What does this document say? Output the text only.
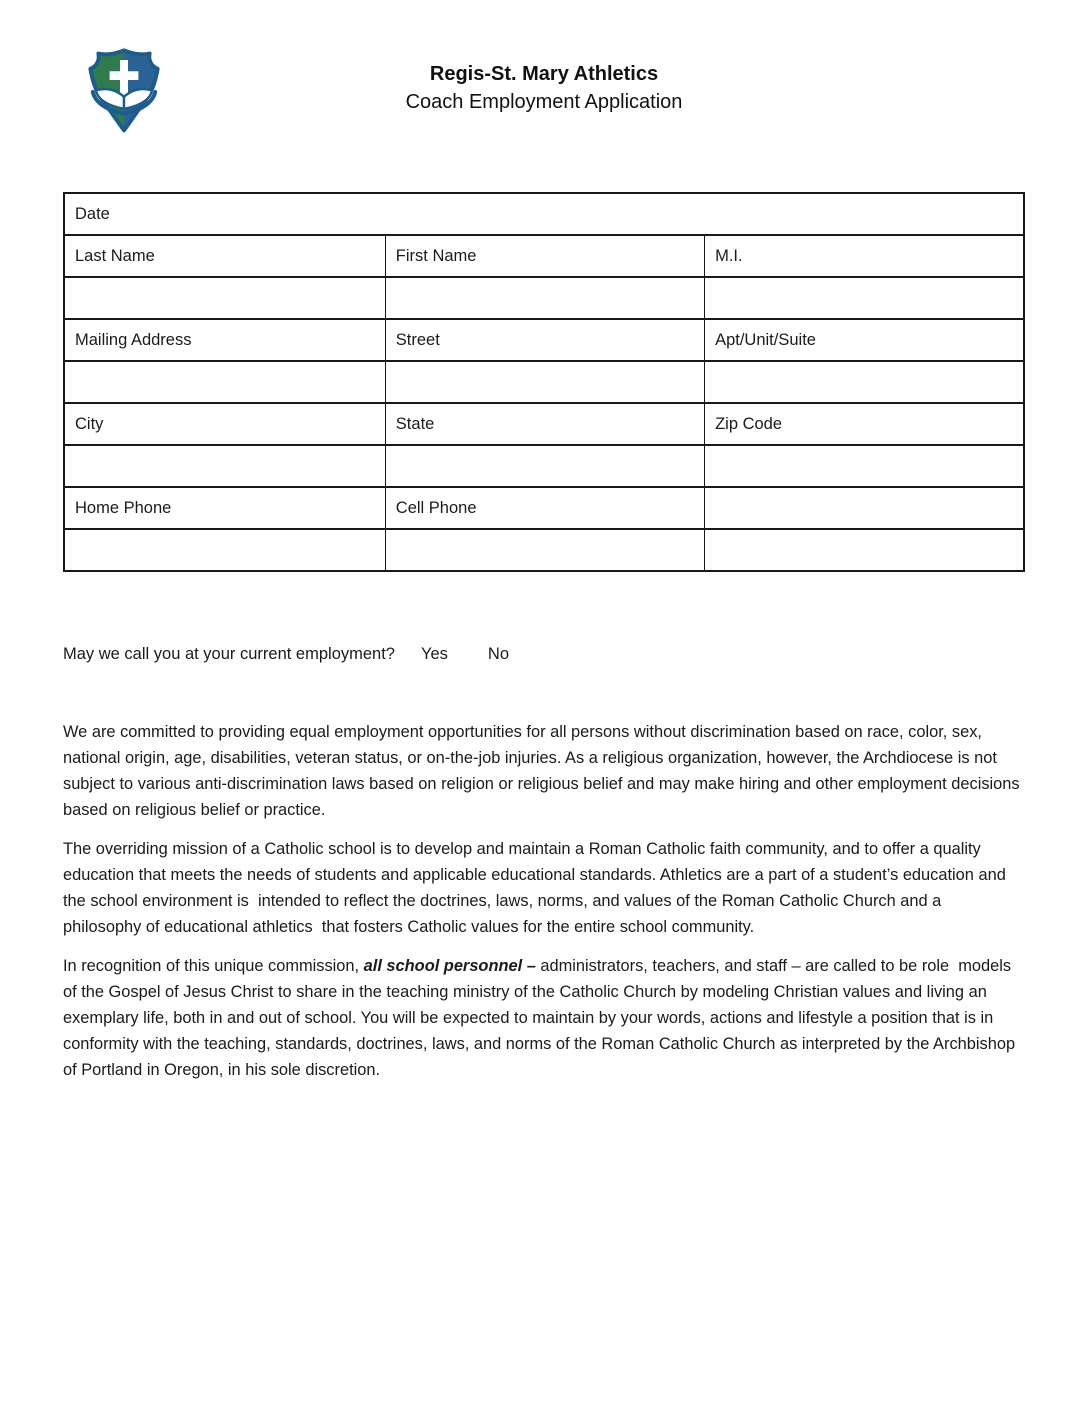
Regis-St. Mary Athletics
Coach Employment Application
Date		
Last Name	First Name	M.I.

Mailing Address	Street	Apt/Unit/Suite

City	State	Zip Code

Home Phone	Cell Phone	

May we call you at your current employment? Yes No

We are committed to providing equal employment opportunities for all persons without discrimination based on race, color, sex, national origin, age, disabilities, veteran status, or on-the-job injuries. As a religious organization, however, the Archdiocese is not subject to various anti-discrimination laws based on religion or religious belief and may make hiring and other employment decisions based on religious belief or practice.

The overriding mission of a Catholic school is to develop and maintain a Roman Catholic faith community, and to offer a quality education that meets the needs of students and applicable educational standards. Athletics are a part of a student’s education and the school environment is  intended to reflect the doctrines, laws, norms, and values of the Roman Catholic Church and a philosophy of educational athletics  that fosters Catholic values for the entire school community.

In recognition of this unique commission, all school personnel – administrators, teachers, and staff – are called to be role  models of the Gospel of Jesus Christ to share in the teaching ministry of the Catholic Church by modeling Christian values and living an exemplary life, both in and out of school. You will be expected to maintain by your words, actions and lifestyle a position that is in conformity with the teaching, standards, doctrines, laws, and norms of the Roman Catholic Church as interpreted by the Archbishop of Portland in Oregon, in his sole discretion.
